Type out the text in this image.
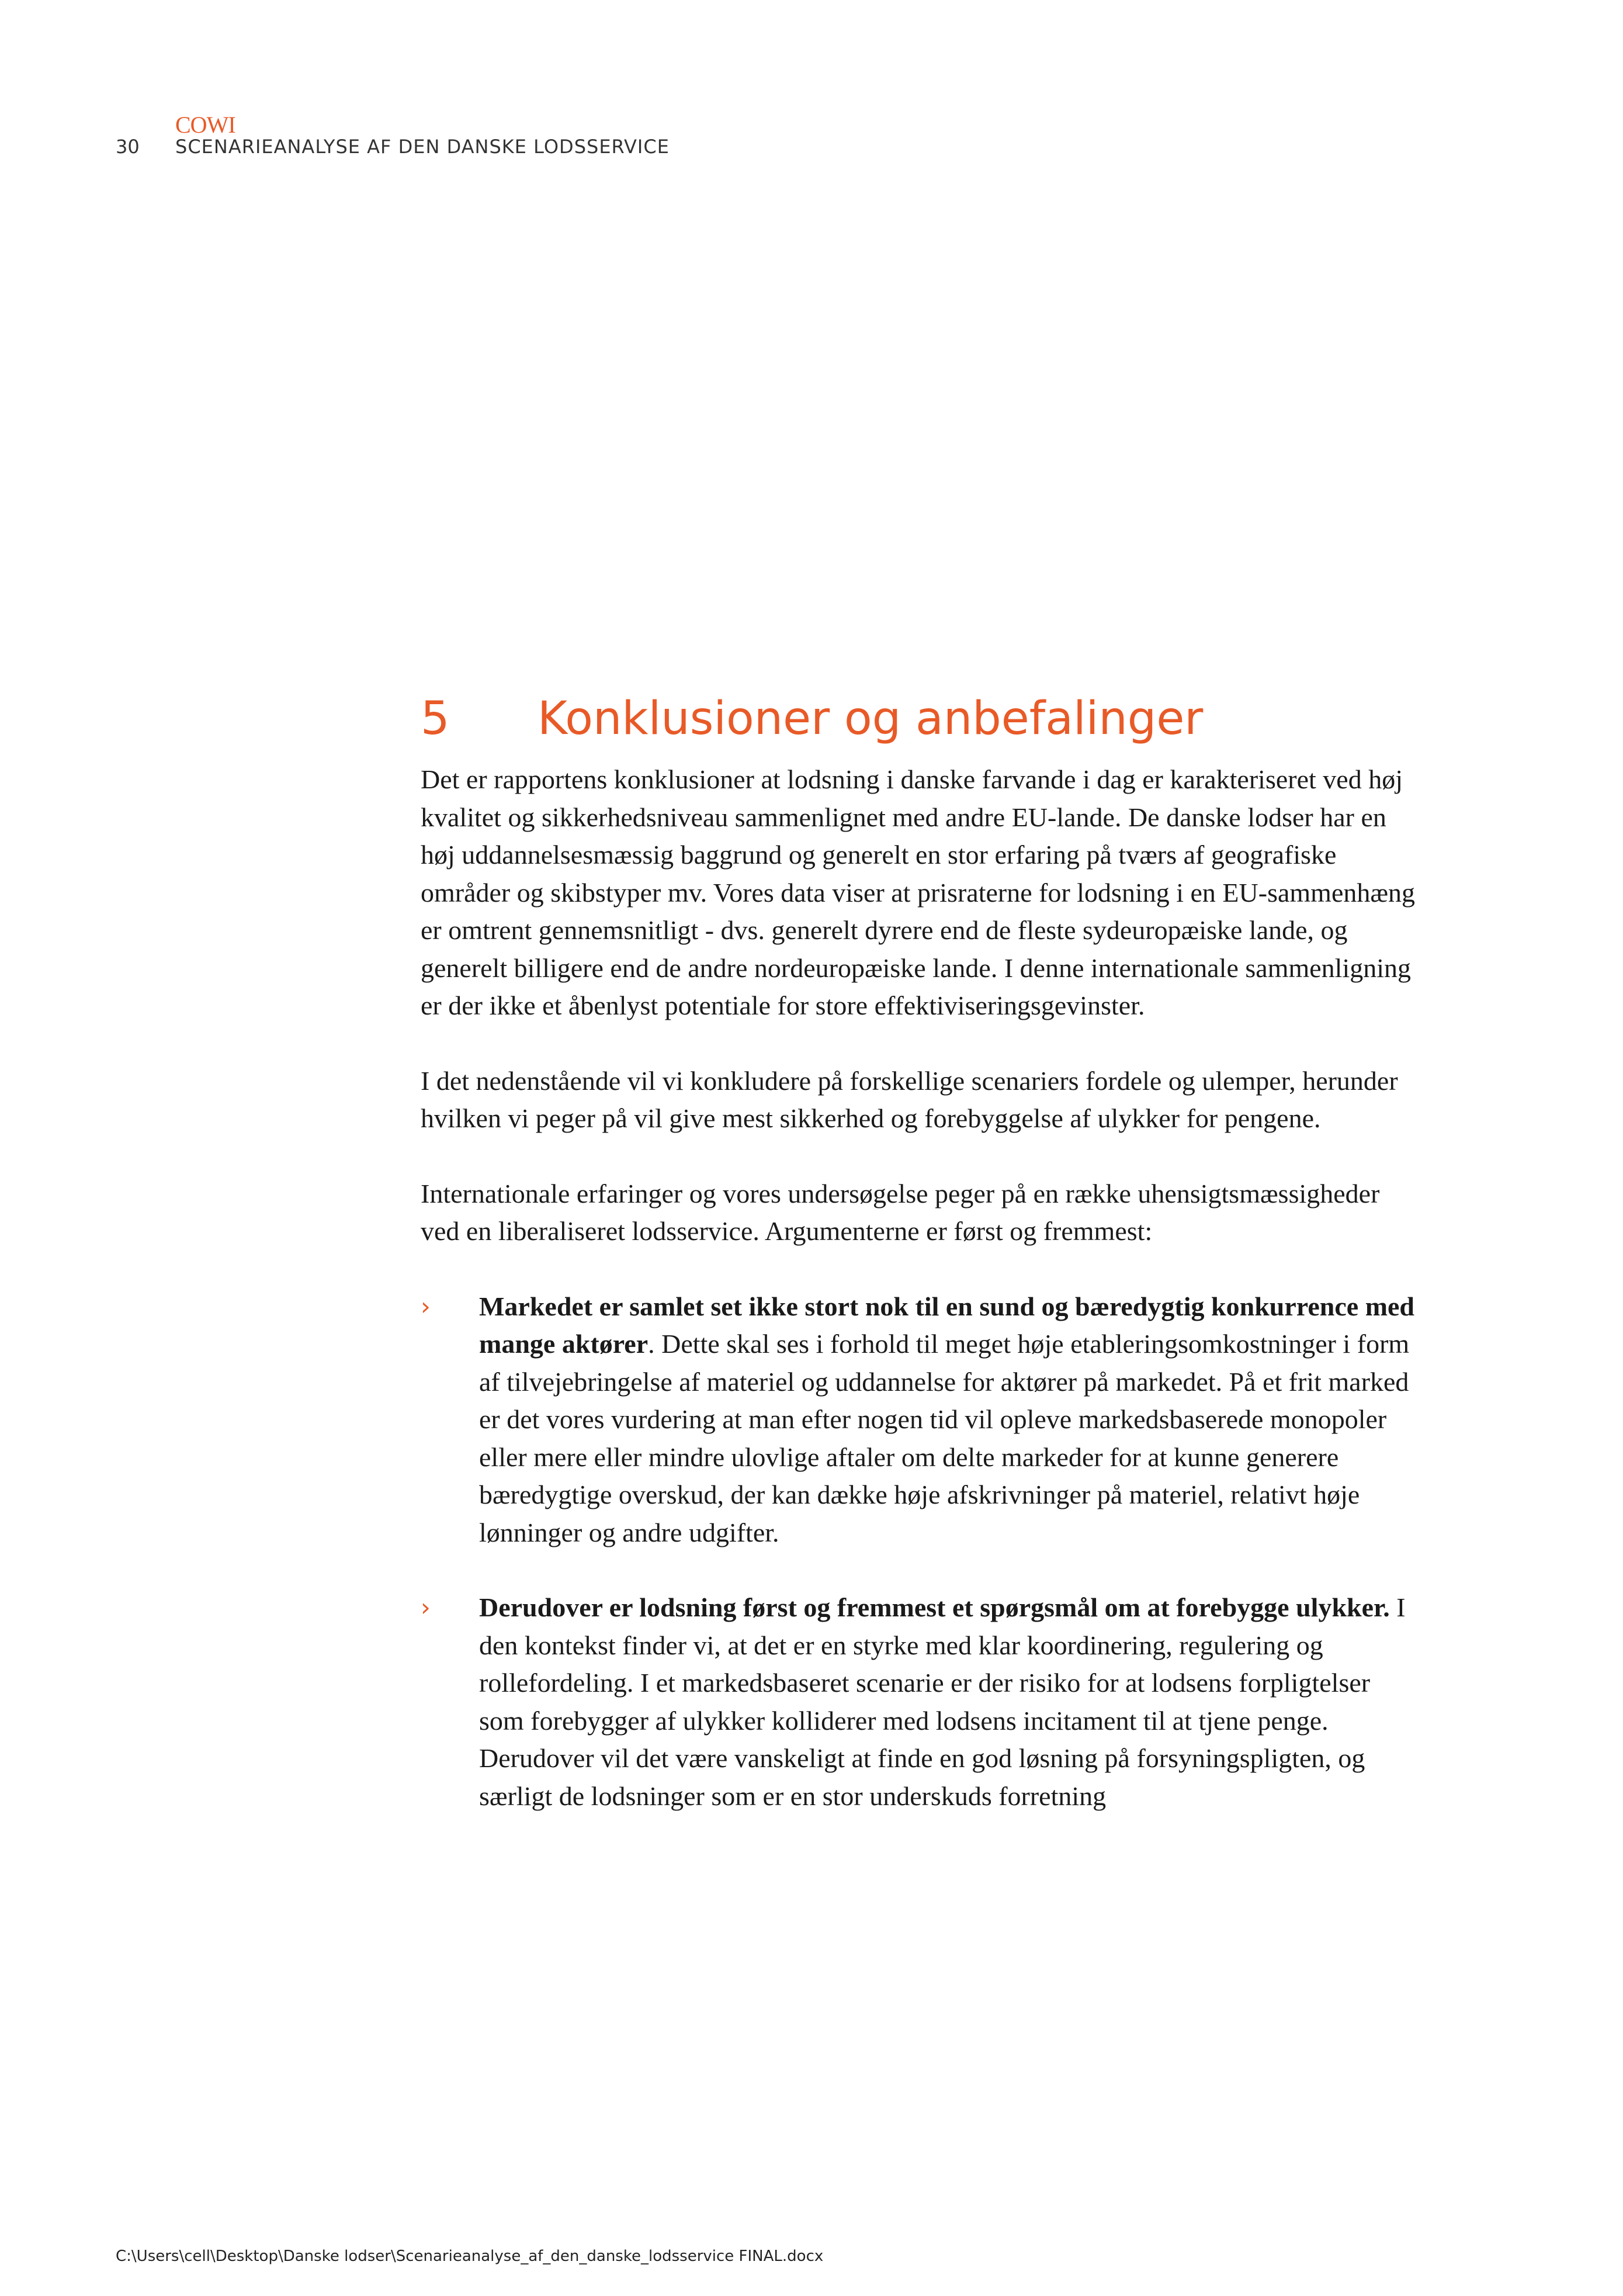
COWI
30 SCENARIEANALYSE AF DEN DANSKE LODSSERVICE
5 Konklusioner og anbefalinger

Det er rapportens konklusioner at lodsning i danske farvande i dag er karakteriseret ved høj kvalitet og sikkerhedsniveau sammenlignet med andre EU-lande. De danske lodser har en høj uddannelsesmæssig baggrund og generelt en stor erfaring på tværs af geografiske områder og skibstyper mv. Vores data viser at prisraterne for lodsning i en EU-sammenhæng er omtrent gennemsnitligt - dvs. generelt dyrere end de fleste sydeuropæiske lande, og generelt billigere end de andre nordeuropæiske lande. I denne internationale sammenligning er der ikke et åbenlyst potentiale for store effektiviseringsgevinster.

I det nedenstående vil vi konkludere på forskellige scenariers fordele og ulemper, herunder hvilken vi peger på vil give mest sikkerhed og forebyggelse af ulykker for pengene.

Internationale erfaringer og vores undersøgelse peger på en række uhensigtsmæssigheder ved en liberaliseret lodsservice. Argumenterne er først og fremmest:

› Markedet er samlet set ikke stort nok til en sund og bæredygtig konkurrence med mange aktører. Dette skal ses i forhold til meget høje etableringsomkostninger i form af tilvejebringelse af materiel og uddannelse for aktører på markedet. På et frit marked er det vores vurdering at man efter nogen tid vil opleve markedsbaserede monopoler eller mere eller mindre ulovlige aftaler om delte markeder for at kunne generere bæredygtige overskud, der kan dække høje afskrivninger på materiel, relativt høje lønninger og andre udgifter.
› Derudover er lodsning først og fremmest et spørgsmål om at forebygge ulykker. I den kontekst finder vi, at det er en styrke med klar koordinering, regulering og rollefordeling. I et markedsbaseret scenarie er der risiko for at lodsens forpligtelser som forebygger af ulykker kolliderer med lodsens incitament til at tjene penge. Derudover vil det være vanskeligt at finde en god løsning på forsyningspligten, og særligt de lodsninger som er en stor underskuds forretning
C:\Users\cell\Desktop\Danske lodser\Scenarieanalyse_af_den_danske_lodsservice FINAL.docx
